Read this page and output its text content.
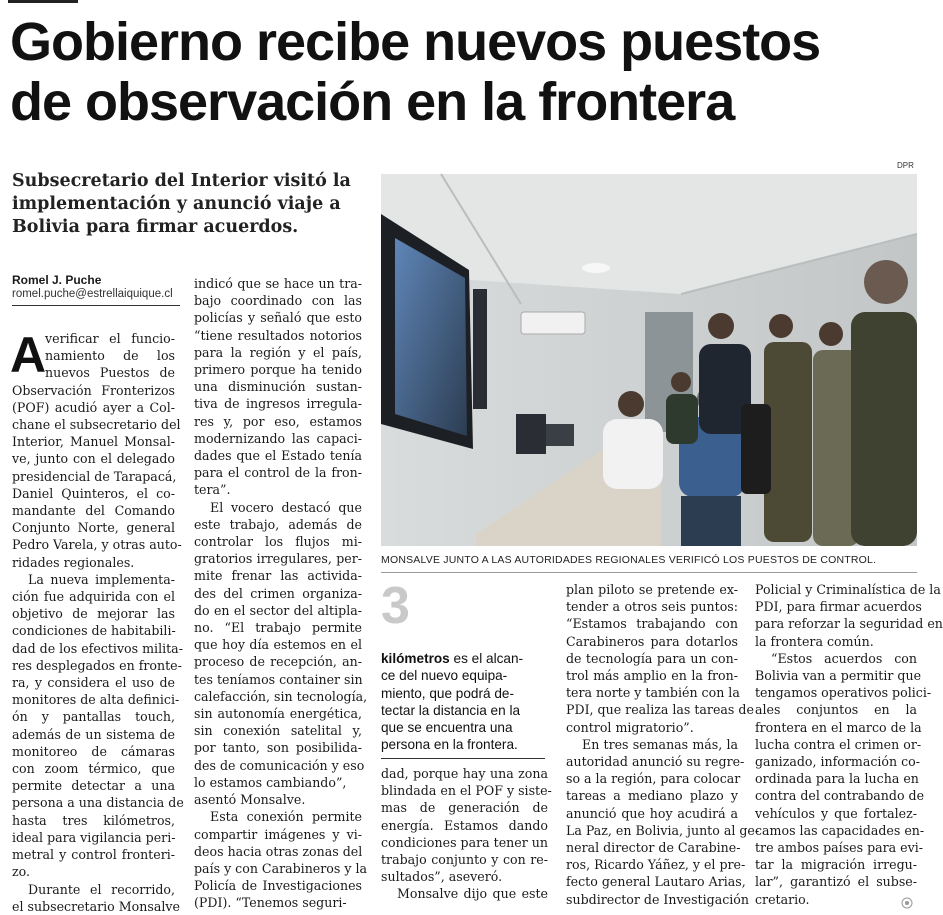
Gobierno recibe nuevos puestos
de observación en la frontera
Subsecretario del Interior visitó la
implementación y anunció viaje a
Bolivia para firmar acuerdos.
Romel J. Puche
romel.puche@estrellaiquique.cl
A
verificar el funcio-
namiento de los
nuevos Puestos de
Observación Fronterizos
(POF) acudió ayer a Col-
chane el subsecretario del
Interior, Manuel Monsal-
ve, junto con el delegado
presidencial de Tarapacá,
Daniel Quinteros, el co-
mandante del Comando
Conjunto Norte, general
Pedro Varela, y otras auto-
ridades regionales.
La nueva implementa-
ción fue adquirida con el
objetivo de mejorar las
condiciones de habitabili-
dad de los efectivos milita-
res desplegados en fronte-
ra, y considera el uso de
monitores de alta definici-
ón y pantallas touch,
además de un sistema de
monitoreo de cámaras
con zoom térmico, que
permite detectar a una
persona a una distancia de
hasta tres kilómetros,
ideal para vigilancia peri-
metral y control fronteri-
zo.
Durante el recorrido,
el subsecretario Monsalve
indicó que se hace un tra-
bajo coordinado con las
policías y señaló que esto
“tiene resultados notorios
para la región y el país,
primero porque ha tenido
una disminución sustan-
tiva de ingresos irregula-
res y, por eso, estamos
modernizando las capaci-
dades que el Estado tenía
para el control de la fron-
tera”.
El vocero destacó que
este trabajo, además de
controlar los flujos mi-
gratorios irregulares, per-
mite frenar las activida-
des del crimen organiza-
do en el sector del altipla-
no. “El trabajo permite
que hoy día estemos en el
proceso de recepción, an-
tes teníamos container sin
calefacción, sin tecnología,
sin autonomía energética,
sin conexión satelital y,
por tanto, son posibilida-
des de comunicación y eso
lo estamos cambiando”,
asentó Monsalve.
Esta conexión permite
compartir imágenes y vi-
deos hacia otras zonas del
país y con Carabineros y la
Policía de Investigaciones
(PDI). “Tenemos seguri-
DPR
MONSALVE JUNTO A LAS AUTORIDADES REGIONALES VERIFICÓ LOS PUESTOS DE CONTROL.
3
kilómetros es el alcan-
ce del nuevo equipa-
miento, que podrá de-
tectar la distancia en la
que se encuentra una
persona en la frontera.
dad, porque hay una zona
blindada en el POF y siste-
mas de generación de
energía. Estamos dando
condiciones para tener un
trabajo conjunto y con re-
sultados”, aseveró.
Monsalve dijo que este
plan piloto se pretende ex-
tender a otros seis puntos:
“Estamos trabajando con
Carabineros para dotarlos
de tecnología para un con-
trol más amplio en la fron-
tera norte y también con la
PDI, que realiza las tareas de
control migratorio”.
En tres semanas más, la
autoridad anunció su regre-
so a la región, para colocar
tareas a mediano plazo y
anunció que hoy acudirá a
La Paz, en Bolivia, junto al ge-
neral director de Carabine-
ros, Ricardo Yáñez, y el pre-
fecto general Lautaro Arias,
subdirector de Investigación
Policial y Criminalística de la
PDI, para firmar acuerdos
para reforzar la seguridad en
la frontera común.
“Estos acuerdos con
Bolivia van a permitir que
tengamos operativos polici-
ales conjuntos en la
frontera en el marco de la
lucha contra el crimen or-
ganizado, información co-
ordinada para la lucha en
contra del contrabando de
vehículos y que fortalez-
camos las capacidades en-
tre ambos países para evi-
tar la migración irregu-
lar”, garantizó el subse-
cretario.
